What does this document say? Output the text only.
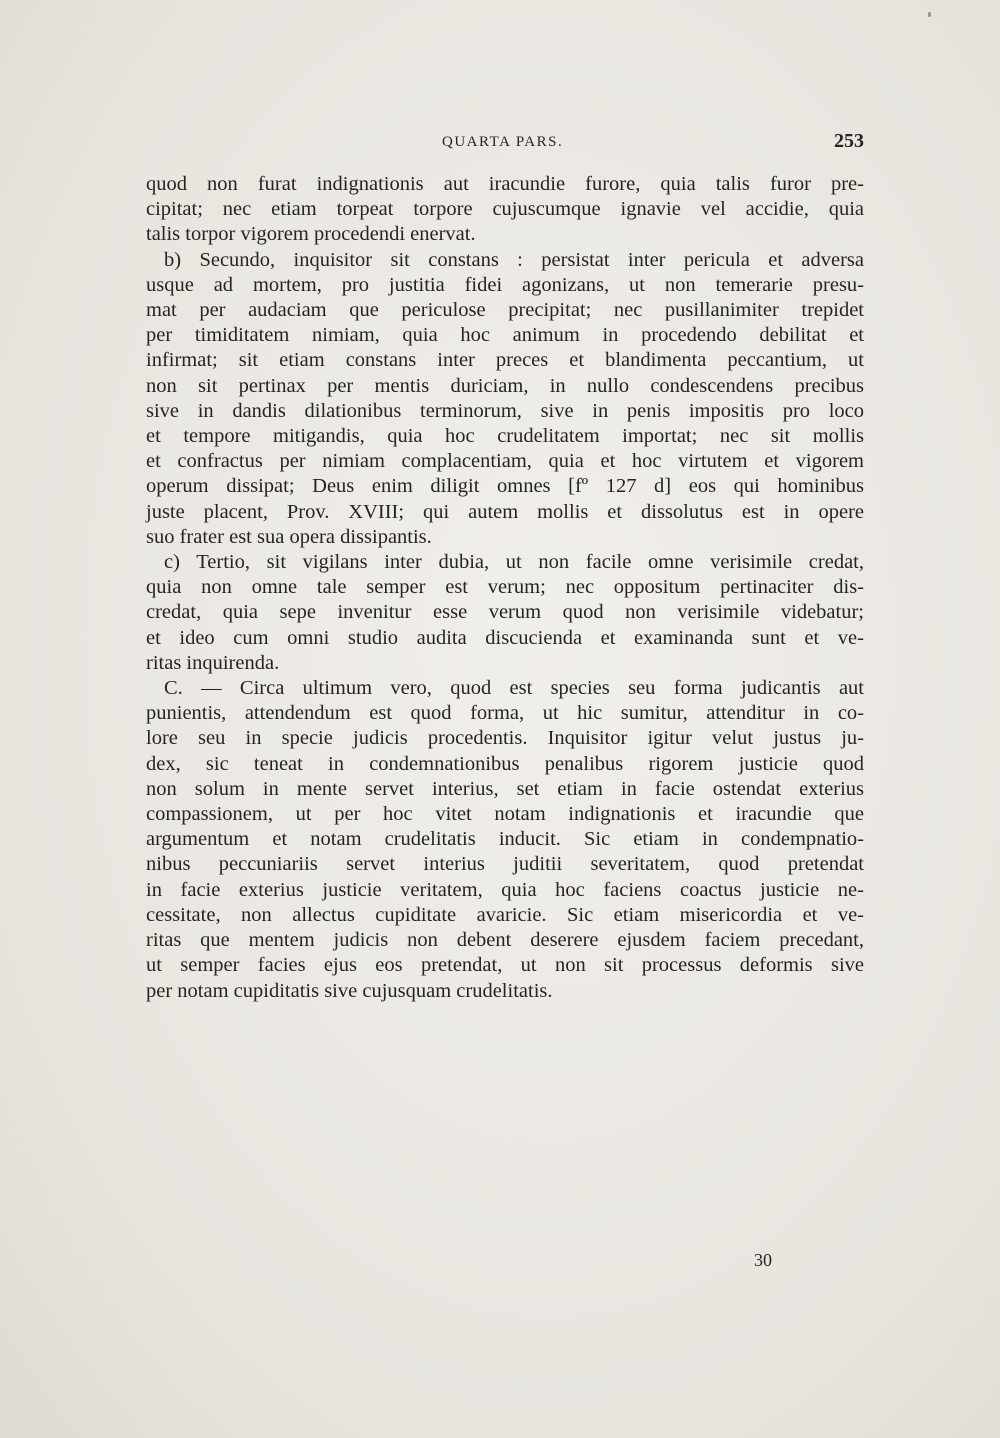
QUARTA PARS.	253
quod non furat indignationis aut iracundie furore, quia talis furor pre-
cipitat; nec etiam torpeat torpore cujuscumque ignavie vel accidie, quia
talis torpor vigorem procedendi enervat.
b) Secundo, inquisitor sit constans : persistat inter pericula et adversa
usque ad mortem, pro justitia fidei agonizans, ut non temerarie presu-
mat per audaciam que periculose precipitat; nec pusillanimiter trepidet
per timiditatem nimiam, quia hoc animum in procedendo debilitat et
infirmat; sit etiam constans inter preces et blandimenta peccantium, ut
non sit pertinax per mentis duriciam, in nullo condescendens precibus
sive in dandis dilationibus terminorum, sive in penis impositis pro loco
et tempore mitigandis, quia hoc crudelitatem importat; nec sit mollis
et confractus per nimiam complacentiam, quia et hoc virtutem et vigorem
operum dissipat; Deus enim diligit omnes [fº 127 d] eos qui hominibus
juste placent, Prov. XVIII; qui autem mollis et dissolutus est in opere
suo frater est sua opera dissipantis.
c) Tertio, sit vigilans inter dubia, ut non facile omne verisimile credat,
quia non omne tale semper est verum; nec oppositum pertinaciter dis-
credat, quia sepe invenitur esse verum quod non verisimile videbatur;
et ideo cum omni studio audita discucienda et examinanda sunt et ve-
ritas inquirenda.
C. — Circa ultimum vero, quod est species seu forma judicantis aut
punientis, attendendum est quod forma, ut hic sumitur, attenditur in co-
lore seu in specie judicis procedentis. Inquisitor igitur velut justus ju-
dex, sic teneat in condemnationibus penalibus rigorem justicie quod
non solum in mente servet interius, set etiam in facie ostendat exterius
compassionem, ut per hoc vitet notam indignationis et iracundie que
argumentum et notam crudelitatis inducit. Sic etiam in condempnatio-
nibus peccuniariis servet interius juditii severitatem, quod pretendat
in facie exterius justicie veritatem, quia hoc faciens coactus justicie ne-
cessitate, non allectus cupiditate avaricie. Sic etiam misericordia et ve-
ritas que mentem judicis non debent deserere ejusdem faciem precedant,
ut semper facies ejus eos pretendat, ut non sit processus deformis sive
per notam cupiditatis sive cujusquam crudelitatis.
30
